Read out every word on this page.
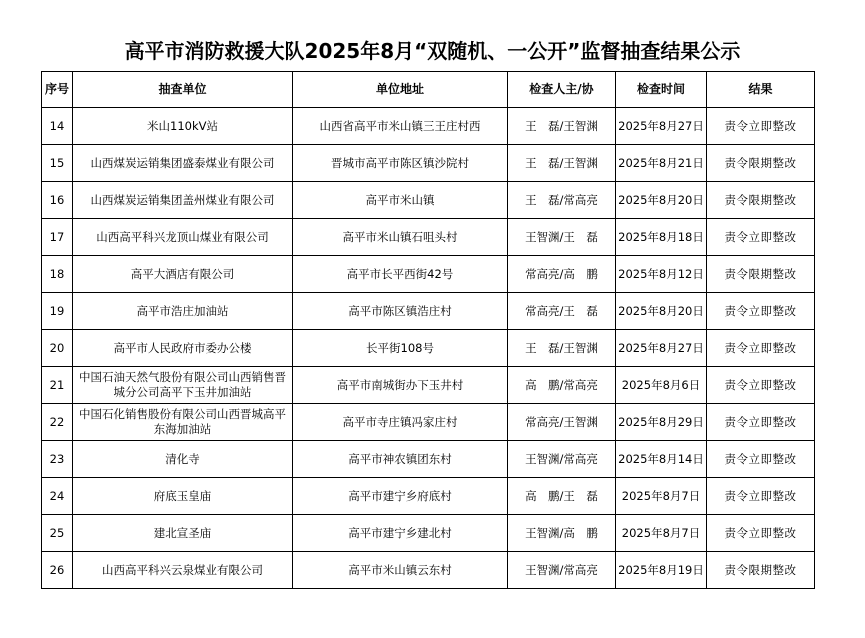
高平市消防救援大队2025年8月“双随机、一公开”监督抽查结果公示
序号	抽查单位	单位地址	检查人主/协	检查时间	结果
14	米山110kV站	山西省高平市米山镇三王庄村西	王　磊/王智渊	2025年8月27日	责令立即整改
15	山西煤炭运销集团盛泰煤业有限公司	晋城市高平市陈区镇沙院村	王　磊/王智渊	2025年8月21日	责令限期整改
16	山西煤炭运销集团盖州煤业有限公司	高平市米山镇	王　磊/常高亮	2025年8月20日	责令限期整改
17	山西高平科兴龙顶山煤业有限公司	高平市米山镇石咀头村	王智渊/王　磊	2025年8月18日	责令立即整改
18	高平大酒店有限公司	高平市长平西街42号	常高亮/高　鹏	2025年8月12日	责令限期整改
19	高平市浩庄加油站	高平市陈区镇浩庄村	常高亮/王　磊	2025年8月20日	责令立即整改
20	高平市人民政府市委办公楼	长平街108号	王　磊/王智渊	2025年8月27日	责令立即整改
21	中国石油天然气股份有限公司山西销售晋城分公司高平下玉井加油站	高平市南城街办下玉井村	高　鹏/常高亮	2025年8月6日	责令立即整改
22	中国石化销售股份有限公司山西晋城高平东海加油站	高平市寺庄镇冯家庄村	常高亮/王智渊	2025年8月29日	责令立即整改
23	清化寺	高平市神农镇团东村	王智渊/常高亮	2025年8月14日	责令立即整改
24	府底玉皇庙	高平市建宁乡府底村	高　鹏/王　磊	2025年8月7日	责令立即整改
25	建北宣圣庙	高平市建宁乡建北村	王智渊/高　鹏	2025年8月7日	责令立即整改
26	山西高平科兴云泉煤业有限公司	高平市米山镇云东村	王智渊/常高亮	2025年8月19日	责令限期整改
